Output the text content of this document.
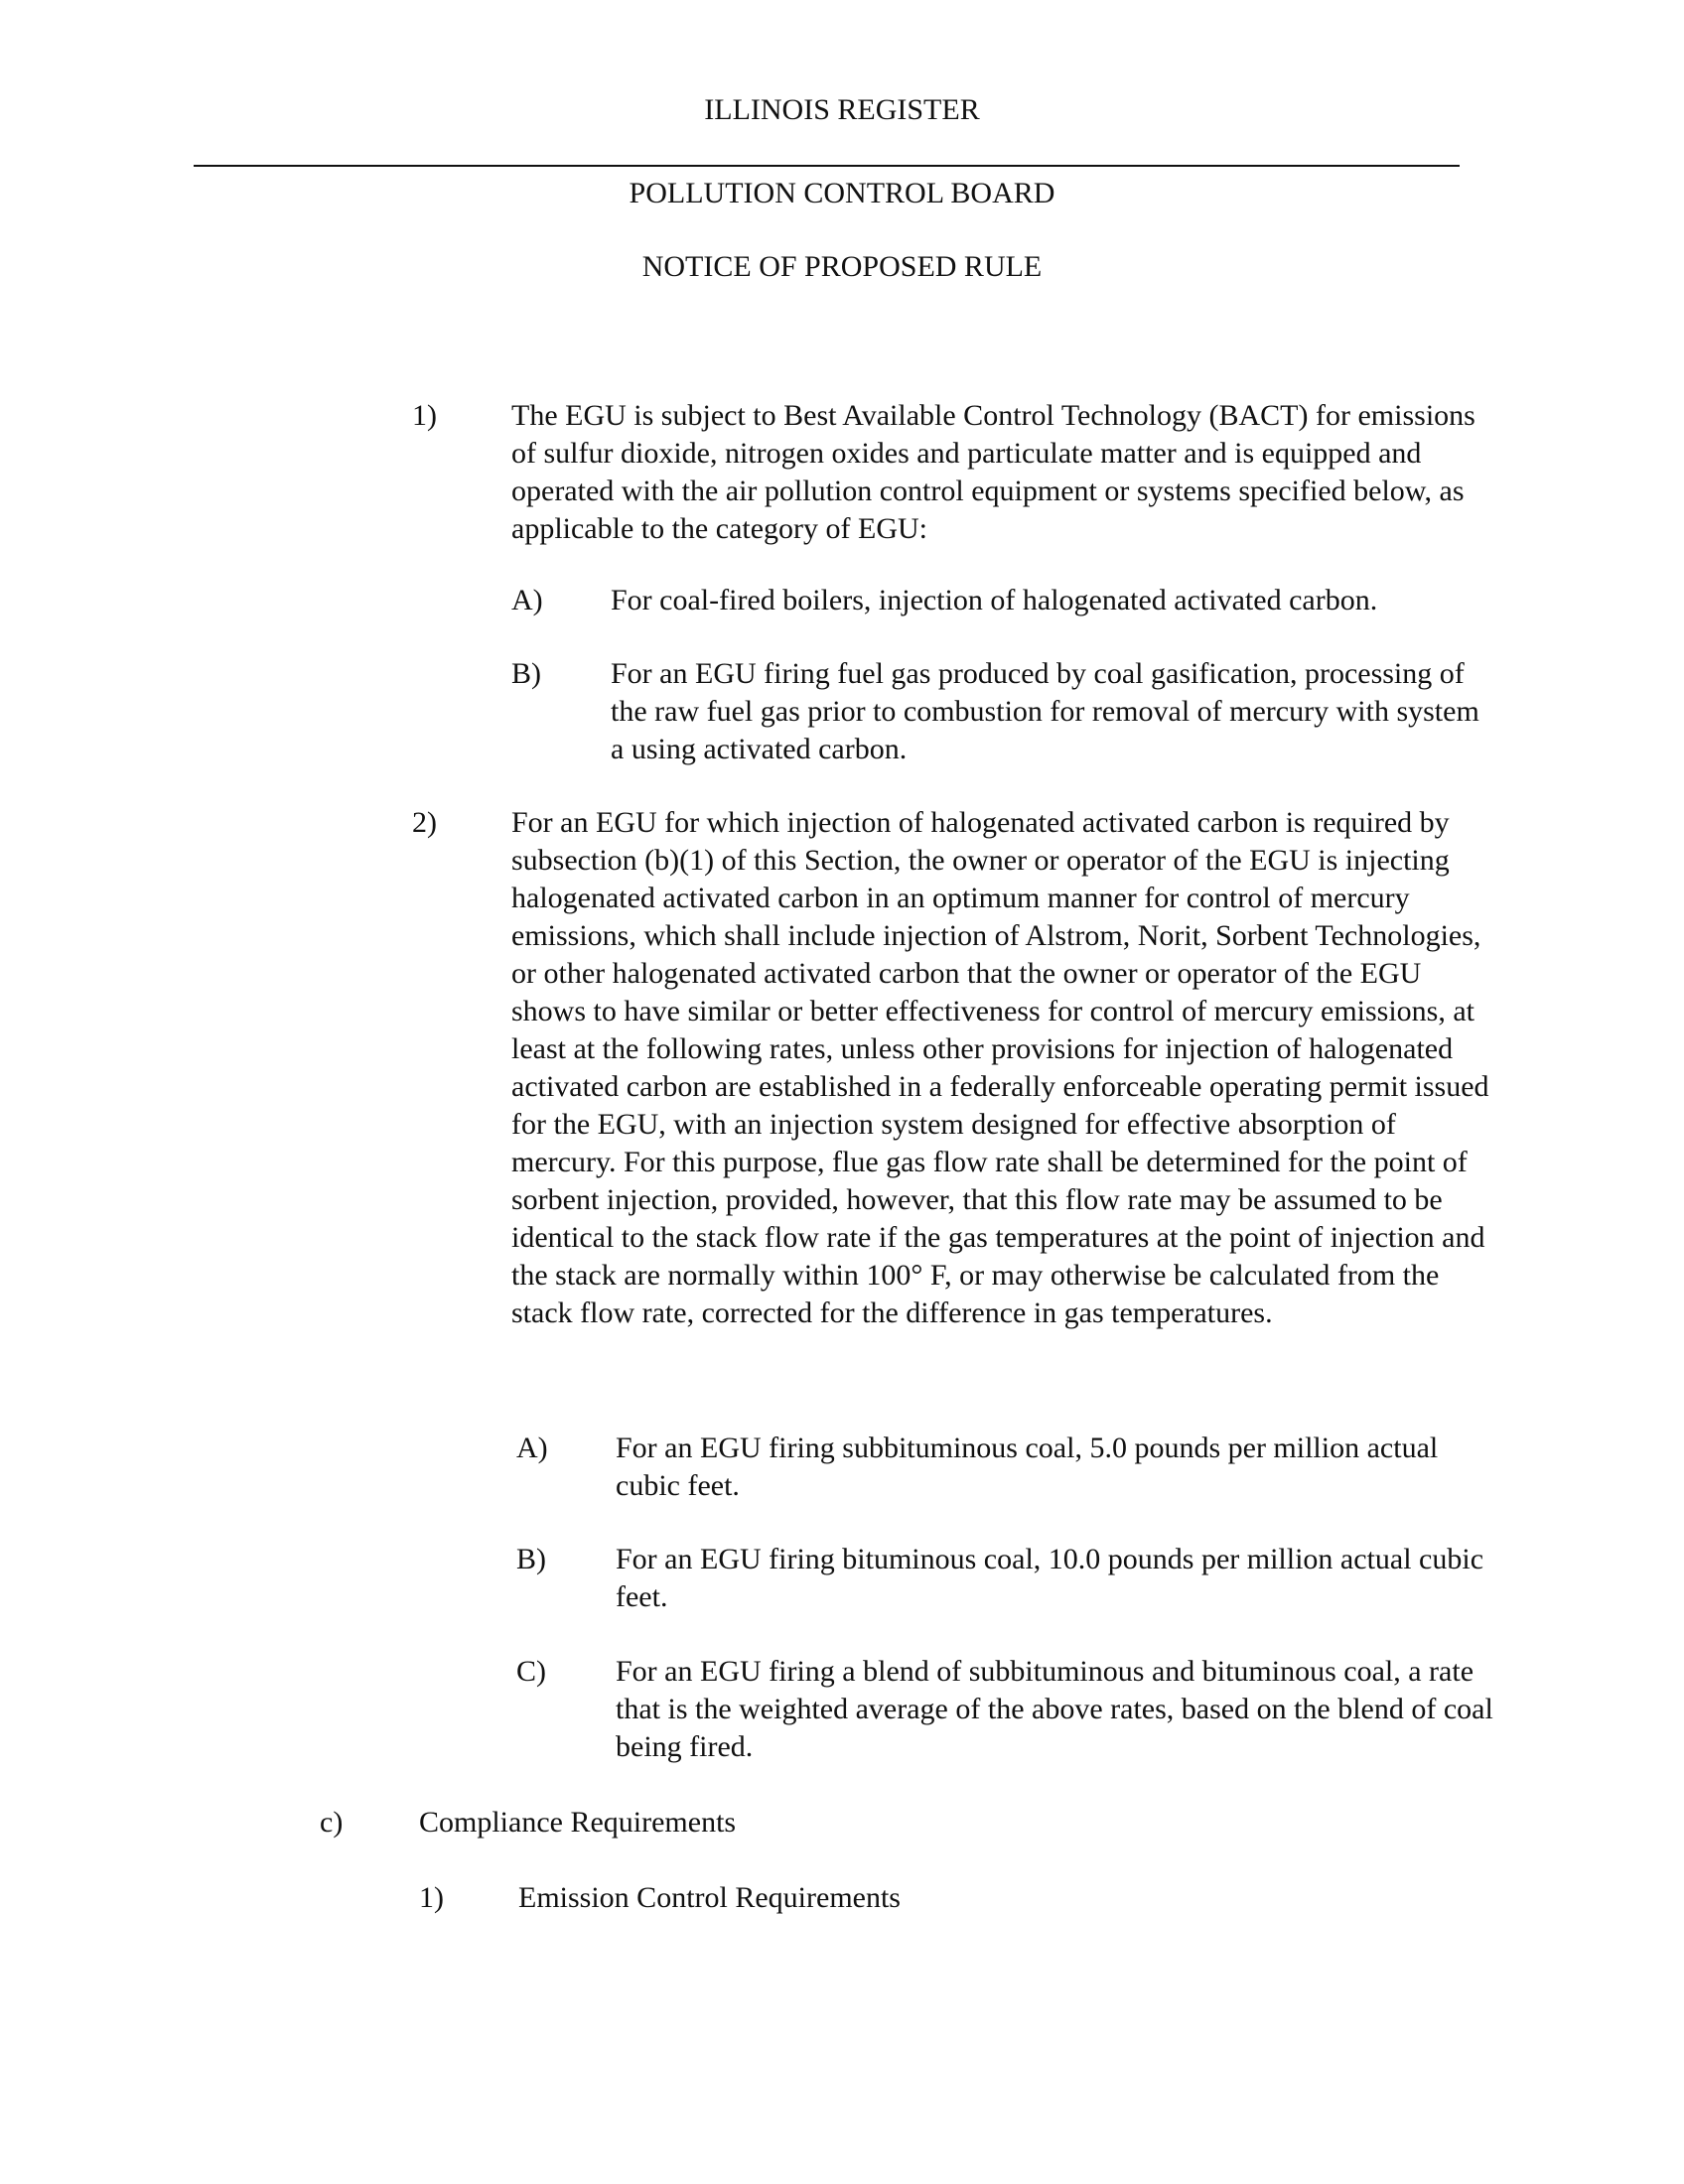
ILLINOIS REGISTER
POLLUTION CONTROL BOARD
NOTICE OF PROPOSED RULE
1)	The EGU is subject to Best Available Control Technology (BACT) for emissions of sulfur dioxide, nitrogen oxides and particulate matter and is equipped and operated with the air pollution control equipment or systems specified below, as applicable to the category of EGU:
A) For coal-fired boilers, injection of halogenated activated carbon.
B) For an EGU firing fuel gas produced by coal gasification, processing of the raw fuel gas prior to combustion for removal of mercury with system a using activated carbon.
2)	For an EGU for which injection of halogenated activated carbon is required by subsection (b)(1) of this Section, the owner or operator of the EGU is injecting halogenated activated carbon in an optimum manner for control of mercury emissions, which shall include injection of Alstrom, Norit, Sorbent Technologies, or other halogenated activated carbon that the owner or operator of the EGU shows to have similar or better effectiveness for control of mercury emissions, at least at the following rates, unless other provisions for injection of halogenated activated carbon are established in a federally enforceable operating permit issued for the EGU, with an injection system designed for effective absorption of mercury. For this purpose, flue gas flow rate shall be determined for the point of sorbent injection, provided, however, that this flow rate may be assumed to be identical to the stack flow rate if the gas temperatures at the point of injection and the stack are normally within 100° F, or may otherwise be calculated from the stack flow rate, corrected for the difference in gas temperatures.
A) For an EGU firing subbituminous coal, 5.0 pounds per million actual cubic feet.
B) For an EGU firing bituminous coal, 10.0 pounds per million actual cubic feet.
C) For an EGU firing a blend of subbituminous and bituminous coal, a rate that is the weighted average of the above rates, based on the blend of coal being fired.
c)	Compliance Requirements
1)	Emission Control Requirements
